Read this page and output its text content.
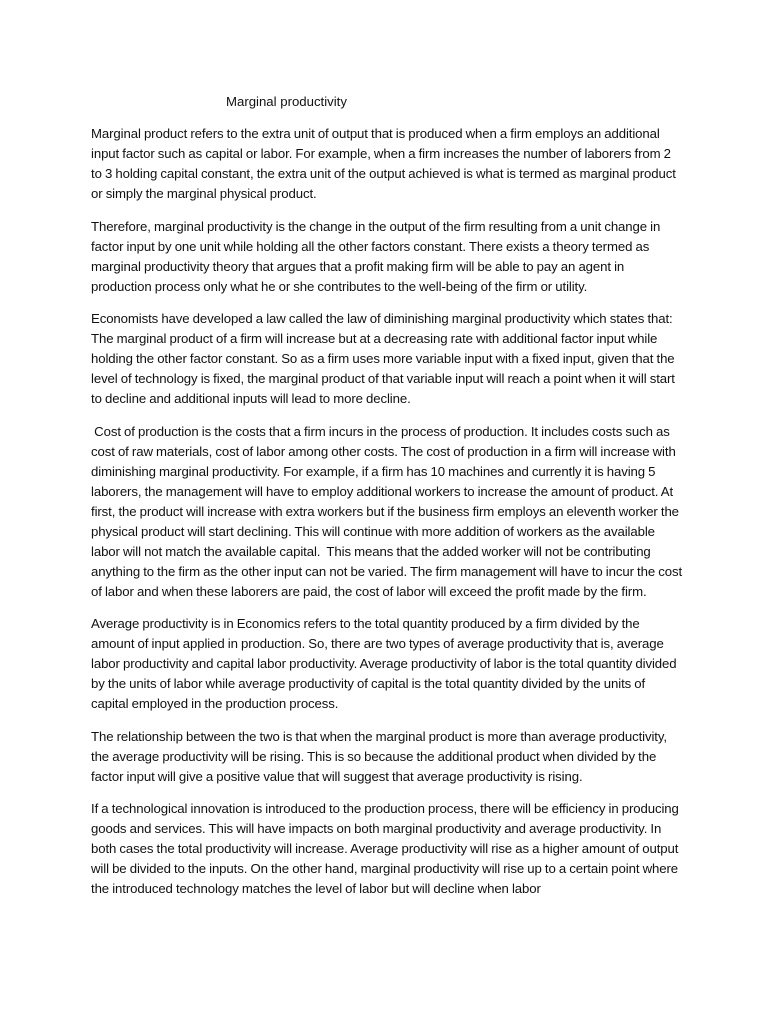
Marginal productivity

Marginal product refers to the extra unit of output that is produced when a firm employs an additional input factor such as capital or labor. For example, when a firm increases the number of laborers from 2 to 3 holding capital constant, the extra unit of the output achieved is what is termed as marginal product or simply the marginal physical product.

Therefore, marginal productivity is the change in the output of the firm resulting from a unit change in factor input by one unit while holding all the other factors constant. There exists a theory termed as marginal productivity theory that argues that a profit making firm will be able to pay an agent in production process only what he or she contributes to the well-being of the firm or utility.

Economists have developed a law called the law of diminishing marginal productivity which states that: The marginal product of a firm will increase but at a decreasing rate with additional factor input while holding the other factor constant. So as a firm uses more variable input with a fixed input, given that the level of technology is fixed, the marginal product of that variable input will reach a point when it will start to decline and additional inputs will lead to more decline.

Cost of production is the costs that a firm incurs in the process of production. It includes costs such as cost of raw materials, cost of labor among other costs. The cost of production in a firm will increase with diminishing marginal productivity. For example, if a firm has 10 machines and currently it is having 5 laborers, the management will have to employ additional workers to increase the amount of product. At first, the product will increase with extra workers but if the business firm employs an eleventh worker the physical product will start declining. This will continue with more addition of workers as the available labor will not match the available capital.  This means that the added worker will not be contributing anything to the firm as the other input can not be varied. The firm management will have to incur the cost of labor and when these laborers are paid, the cost of labor will exceed the profit made by the firm.

Average productivity is in Economics refers to the total quantity produced by a firm divided by the amount of input applied in production. So, there are two types of average productivity that is, average labor productivity and capital labor productivity. Average productivity of labor is the total quantity divided by the units of labor while average productivity of capital is the total quantity divided by the units of capital employed in the production process.

The relationship between the two is that when the marginal product is more than average productivity, the average productivity will be rising. This is so because the additional product when divided by the factor input will give a positive value that will suggest that average productivity is rising.

If a technological innovation is introduced to the production process, there will be efficiency in producing goods and services. This will have impacts on both marginal productivity and average productivity. In both cases the total productivity will increase. Average productivity will rise as a higher amount of output will be divided to the inputs. On the other hand, marginal productivity will rise up to a certain point where the introduced technology matches the level of labor but will decline when labor
